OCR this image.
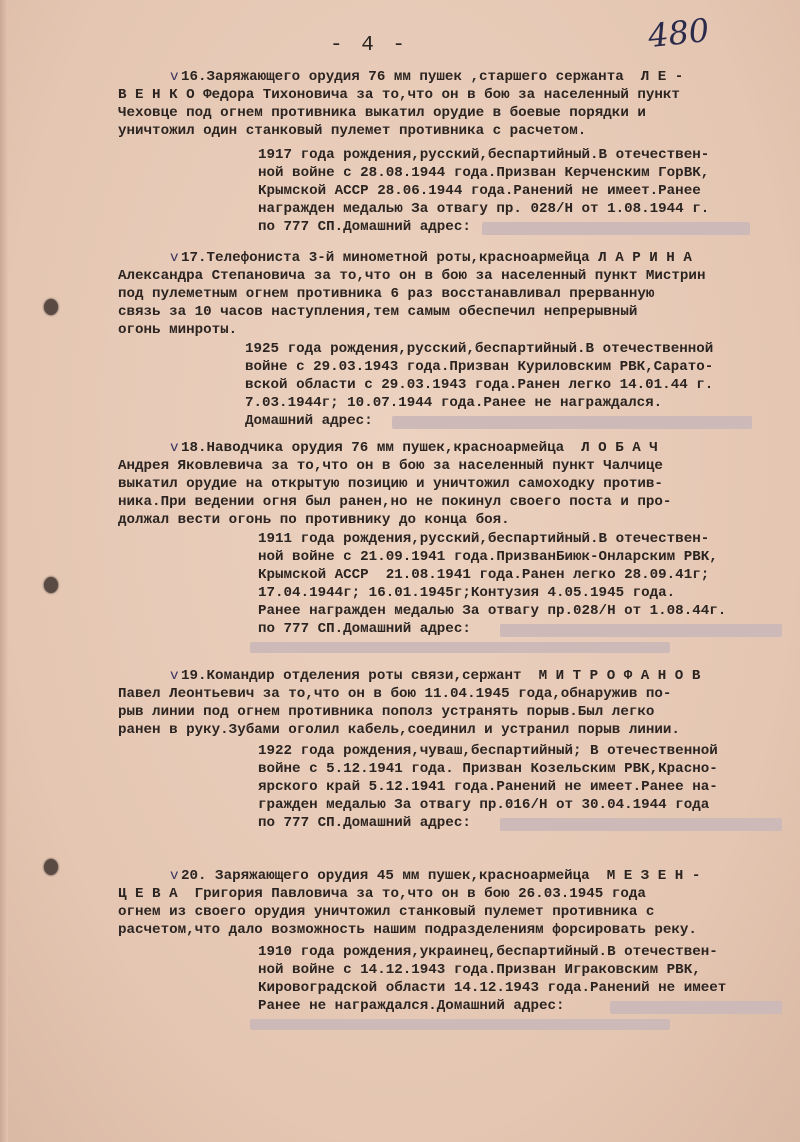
- 4 -	480
v 16.Заряжающего орудия 76 мм пушек ,старшего сержанта  Л Е -
В Е Н К О Федора Тихоновича за то,что он в бою за населенный пункт
Чеховце под огнем противника выкатил орудие в боевые порядки и
уничтожил один станковый пулемет противника с расчетом.
1917 года рождения,русский,беспартийный.В отечествен-
ной войне с 28.08.1944 года.Призван Керченским ГорВК,
Крымской АССР 28.06.1944 года.Ранений не имеет.Ранее
награжден медалью За отвагу пр. 028/Н от 1.08.1944 г.
по 777 СП.Домашний адрес:
v 17.Телефониста 3-й минометной роты,красноармейца Л А Р И Н А
Александра Степановича за то,что он в бою за населенный пункт Мистрин
под пулеметным огнем противника 6 раз восстанавливал прерванную
связь за 10 часов наступления,тем самым обеспечил непрерывный
огонь минроты.
1925 года рождения,русский,беспартийный.В отечественной
войне с 29.03.1943 года.Призван Куриловским РВК,Сарато-
вской области с 29.03.1943 года.Ранен легко 14.01.44 г.
7.03.1944г; 10.07.1944 года.Ранее не награждался.
Домашний адрес:
v 18.Наводчика орудия 76 мм пушек,красноармейца  Л О Б А Ч
Андрея Яковлевича за то,что он в бою за населенный пункт Чалчице
выкатил орудие на открытую позицию и уничтожил самоходку против-
ника.При ведении огня был ранен,но не покинул своего поста и про-
должал вести огонь по противнику до конца боя.
1911 года рождения,русский,беспартийный.В отечествен-
ной войне с 21.09.1941 года.ПризванБиюк-Онларским РВК,
Крымской АССР  21.08.1941 года.Ранен легко 28.09.41г;
17.04.1944г; 16.01.1945г;Контузия 4.05.1945 года.
Ранее награжден медалью За отвагу пр.028/Н от 1.08.44г.
по 777 СП.Домашний адрес:
v 19.Командир отделения роты связи,сержант  М И Т Р О Ф А Н О В
Павел Леонтьевич за то,что он в бою 11.04.1945 года,обнаружив по-
рыв линии под огнем противника пополз устранять порыв.Был легко
ранен в руку.Зубами оголил кабель,соединил и устранил порыв линии.
1922 года рождения,чуваш,беспартийный; В отечественной
войне с 5.12.1941 года. Призван Козельским РВК,Красно-
ярского край 5.12.1941 года.Ранений не имеет.Ранее на-
гражден медалью За отвагу пр.016/Н от 30.04.1944 года
по 777 СП.Домашний адрес:
v 20. Заряжающего орудия 45 мм пушек,красноармейца  М Е З Е Н -
Ц Е В А  Григория Павловича за то,что он в бою 26.03.1945 года
огнем из своего орудия уничтожил станковый пулемет противника с
расчетом,что дало возможность нашим подразделениям форсировать реку.
1910 года рождения,украинец,беспартийный.В отечествен-
ной войне с 14.12.1943 года.Призван Играковским РВК,
Кировоградской области 14.12.1943 года.Ранений не имеет
Ранее не награждался.Домашний адрес:
